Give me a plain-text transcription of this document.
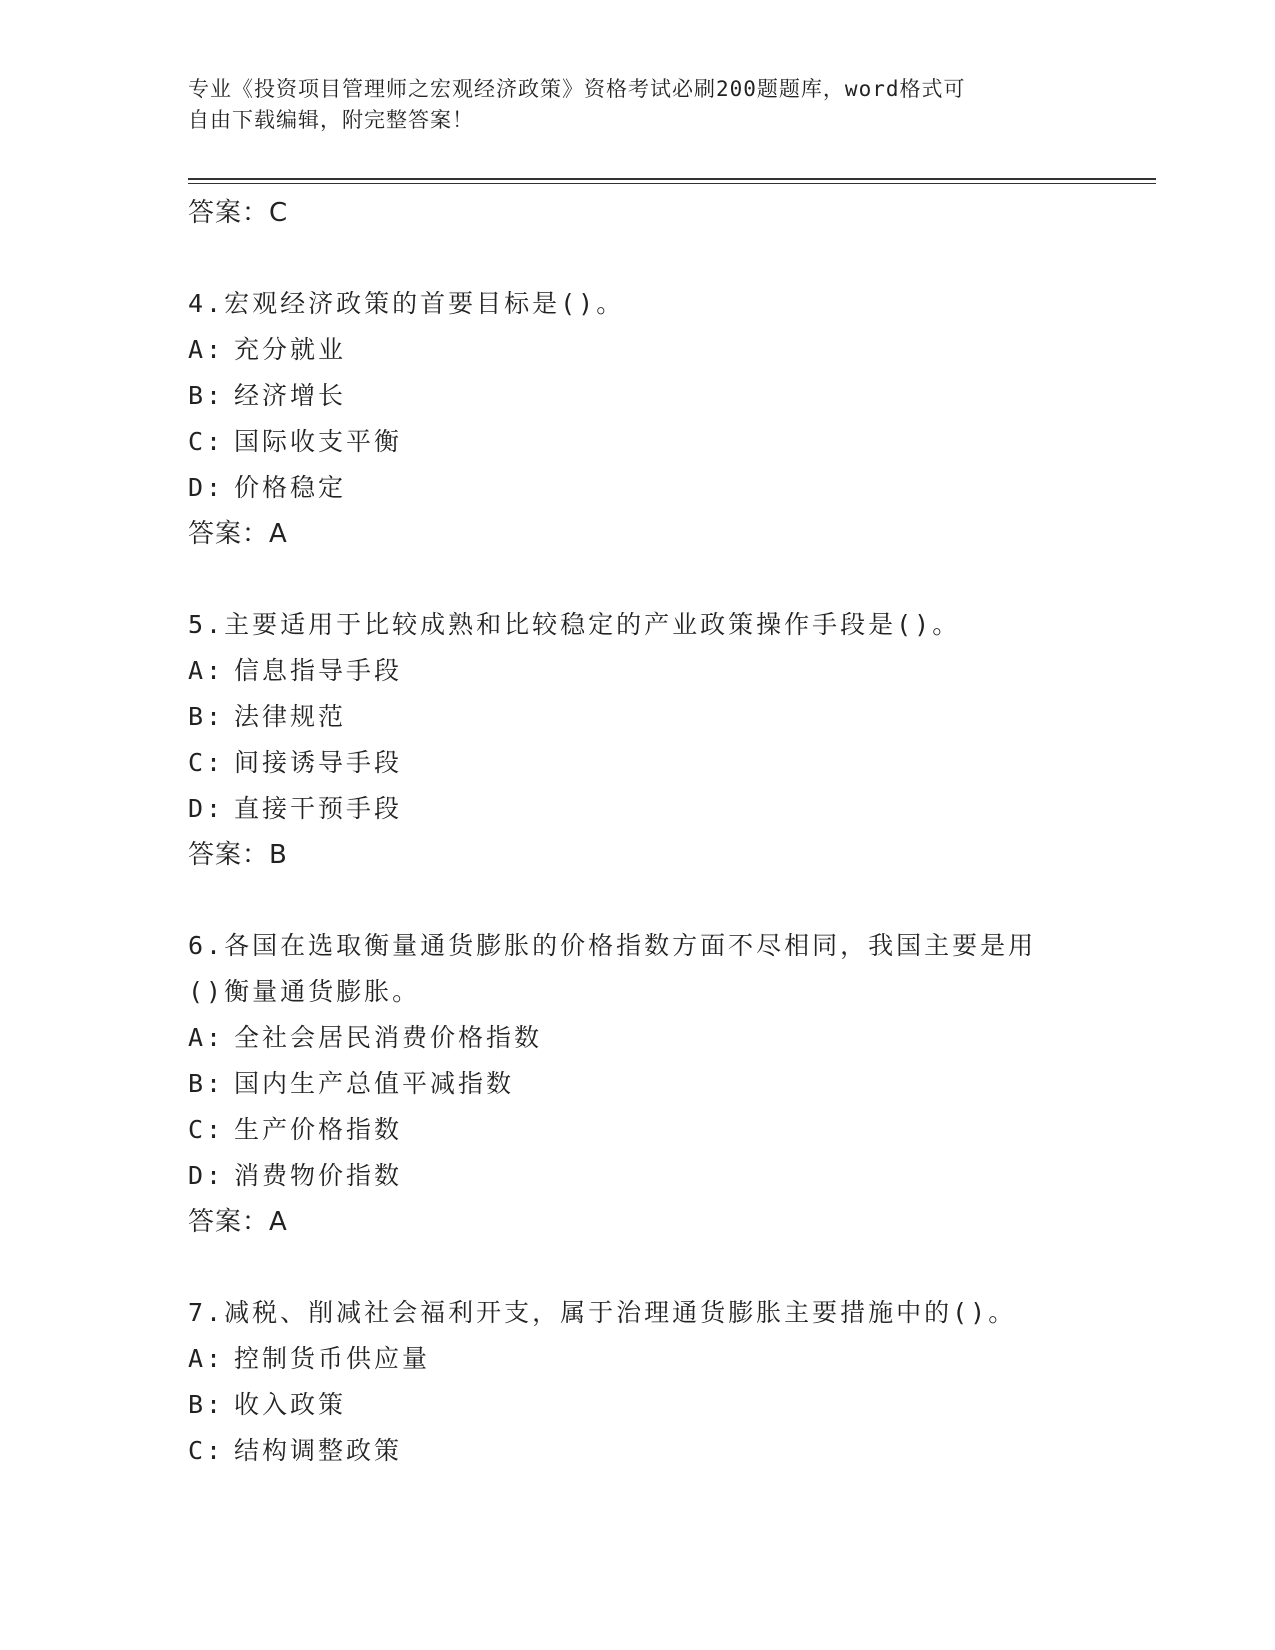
专业《投资项目管理师之宏观经济政策》资格考试必刷200题题库，word格式可
自由下载编辑，附完整答案！
答案：C
4.宏观经济政策的首要目标是()。
A: 充分就业
B: 经济增长
C: 国际收支平衡
D: 价格稳定
答案：A
5.主要适用于比较成熟和比较稳定的产业政策操作手段是()。
A: 信息指导手段
B: 法律规范
C: 间接诱导手段
D: 直接干预手段
答案：B
6.各国在选取衡量通货膨胀的价格指数方面不尽相同，我国主要是用
()衡量通货膨胀。
A: 全社会居民消费价格指数
B: 国内生产总值平减指数
C: 生产价格指数
D: 消费物价指数
答案：A
7.减税、削减社会福利开支，属于治理通货膨胀主要措施中的()。
A: 控制货币供应量
B: 收入政策
C: 结构调整政策
